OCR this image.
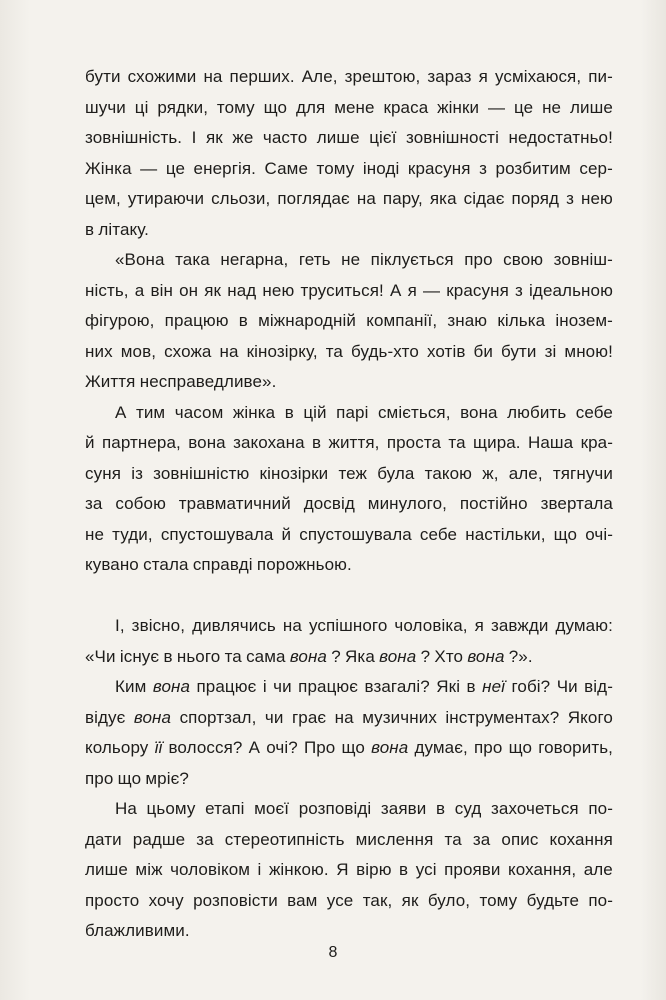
бути схожими на перших. Але, зрештою, зараз я усміхаюся, пи-
шучи ці рядки, тому що для мене краса жінки — це не лише
зовнішність. І як же часто лише цієї зовнішності недостатньо!
Жінка — це енергія. Саме тому іноді красуня з розбитим сер-
цем, утираючи сльози, поглядає на пару, яка сідає поряд з нею
в літаку.
«Вона така негарна, геть не піклується про свою зовніш-
ність, а він он як над нею труситься! А я — красуня з ідеальною
фігурою, працюю в міжнародній компанії, знаю кілька інозем-
них мов, схожа на кінозірку, та будь-хто хотів би бути зі мною!
Життя несправедливе».
А тим часом жінка в цій парі сміється, вона любить себе
й партнера, вона закохана в життя, проста та щира. Наша кра-
суня із зовнішністю кінозірки теж була такою ж, але, тягнучи
за собою травматичний досвід минулого, постійно звертала
не туди, спустошувала й спустошувала себе настільки, що очі-
кувано стала справді порожньою.
І, звісно, дивлячись на успішного чоловіка, я завжди думаю:
«Чи існує в нього та сама вона ? Яка вона ? Хто вона ?».
Ким вона працює і чи працює взагалі? Які в неї гобі? Чи від-
відує вона спортзал, чи грає на музичних інструментах? Якого
кольору її волосся? А очі? Про що вона думає, про що говорить,
про що мріє?
На цьому етапі моєї розповіді заяви в суд захочеться по-
дати радше за стереотипність мислення та за опис кохання
лише між чоловіком і жінкою. Я вірю в усі прояви кохання, але
просто хочу розповісти вам усе так, як було, тому будьте по-
блажливими.
8
